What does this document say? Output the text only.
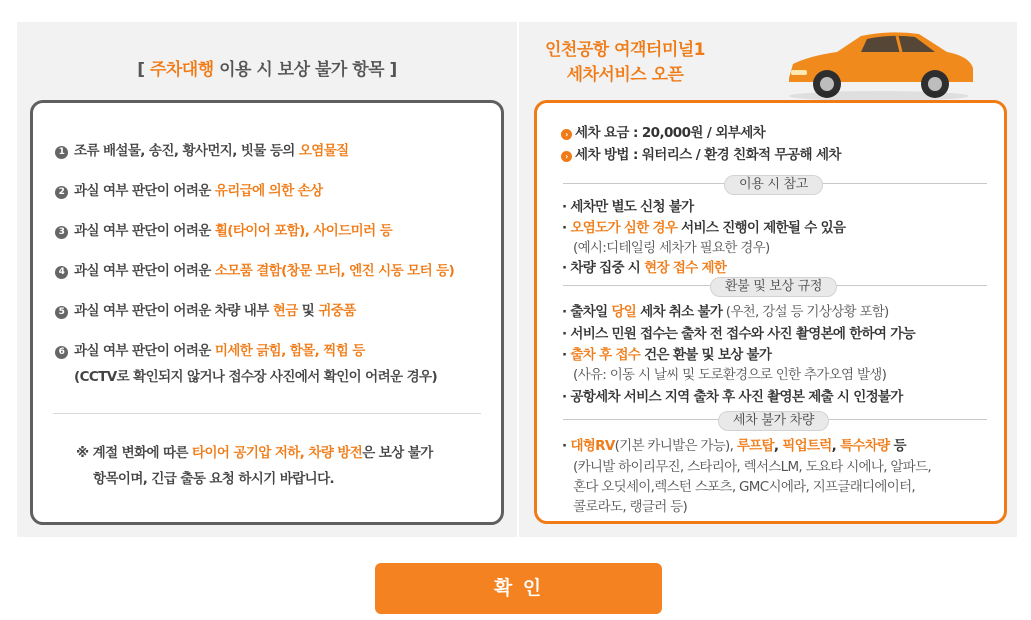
[ 주차대행 이용 시 보상 불가 항목 ]
1 조류 배설물, 송진, 황사먼지, 빗물 등의 오염물질
2 과실 여부 판단이 어려운 유리급에 의한 손상
3 과실 여부 판단이 어려운 휠(타이어 포함), 사이드미러 등
4 과실 여부 판단이 어려운 소모품 결함(창문 모터, 엔진 시동 모터 등)
5 과실 여부 판단이 어려운 차량 내부 현금 및 귀중품
6 과실 여부 판단이 어려운 미세한 긁힘, 함몰, 찍힘 등
(CCTV로 확인되지 않거나 접수장 사진에서 확인이 어려운 경우)
※ 계절 변화에 따른 타이어 공기압 저하, 차량 방전은 보상 불가
항목이며, 긴급 출동 요청 하시기 바랍니다.
인천공항 여객터미널1
세차서비스 오픈
› 세차 요금 : 20,000원 / 외부세차
› 세차 방법 : 워터리스 / 환경 친화적 무공해 세차
이용 시 참고
· 세차만 별도 신청 불가
· 오염도가 심한 경우 서비스 진행이 제한될 수 있음
(예시:디테일링 세차가 필요한 경우)
· 차량 집중 시 현장 접수 제한
환불 및 보상 규정
· 출차일 당일 세차 취소 불가 (우천, 강설 등 기상상황 포함)
· 서비스 민원 접수는 출차 전 접수와 사진 촬영본에 한하여 가능
· 출차 후 접수 건은 환불 및 보상 불가
(사유: 이동 시 날씨 및 도로환경으로 인한 추가오염 발생)
· 공항세차 서비스 지역 출차 후 사진 촬영본 제출 시 인정불가
세차 불가 차량
· 대형RV(기본 카니발은 가능), 루프탑, 픽업트럭, 특수차량 등
(카니발 하이리무진, 스타리아, 렉서스LM, 도요타 시에나, 알파드,
혼다 오딧세이,렉스턴 스포츠, GMC시에라, 지프글래디에이터,
콜로라도, 랭글러 등)
확 인
